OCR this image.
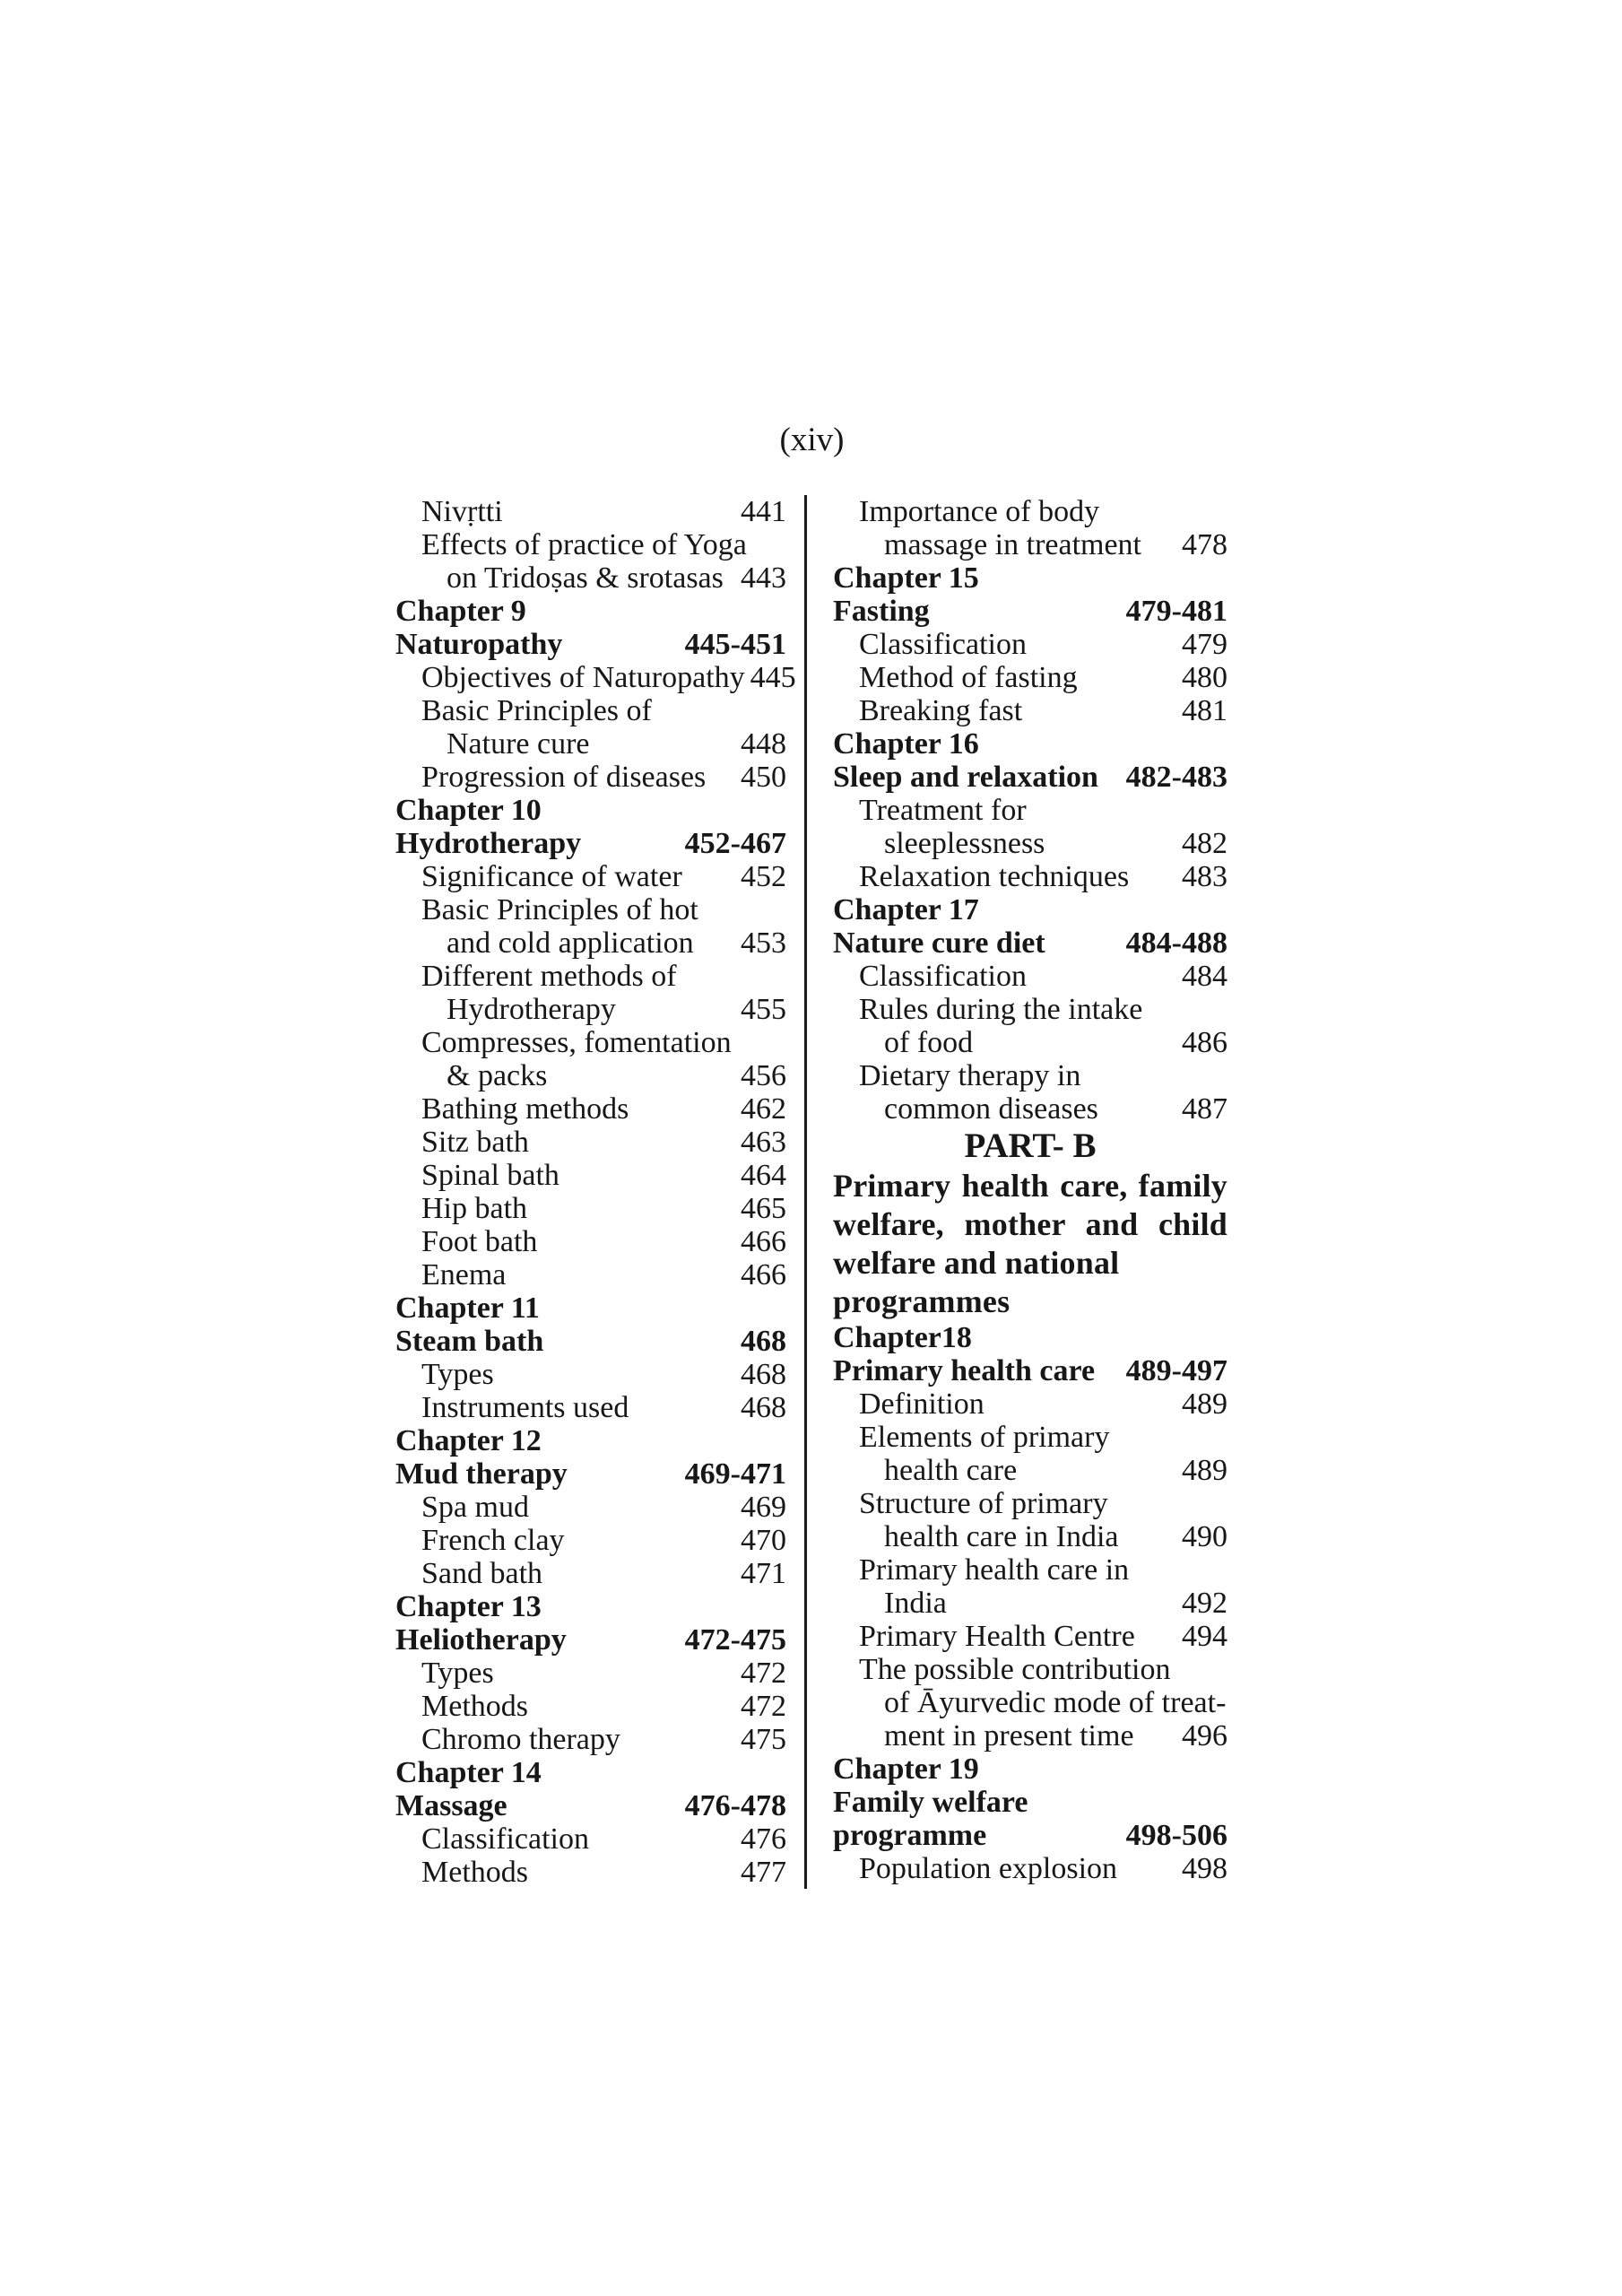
(xiv)
Nivṛtti	441
Effects of practice of Yoga
on Tridoṣas & srotasas 443
Chapter 9
Naturopathy	445-451
Objectives of Naturopathy 445
Basic Principles of
Nature cure	448
Progression of diseases 450
Chapter 10
Hydrotherapy	452-467
Significance of water 452
Basic Principles of hot
and cold application 453
Different methods of
Hydrotherapy	455
Compresses, fomentation
& packs	456
Bathing methods	462
Sitz bath	463
Spinal bath	464
Hip bath	465
Foot bath	466
Enema	466
Chapter 11
Steam bath	468
Types	468
Instruments used	468
Chapter 12
Mud therapy	469-471
Spa mud	469
French clay	470
Sand bath	471
Chapter 13
Heliotherapy	472-475
Types	472
Methods	472
Chromo therapy	475
Chapter 14
Massage	476-478
Classification	476
Methods	477
Importance of body
massage in treatment 478
Chapter 15
Fasting	479-481
Classification	479
Method of fasting	480
Breaking fast	481
Chapter 16
Sleep and relaxation 482-483
Treatment for
sleeplessness	482
Relaxation techniques 483
Chapter 17
Nature cure diet	484-488
Classification	484
Rules during the intake
of food	486
Dietary therapy in
common diseases	487
PART- B
Primary health care, family
welfare, mother and child
welfare and national
programmes
Chapter18
Primary health care 489-497
Definition	489
Elements of primary
health care	489
Structure of primary
health care in India 490
Primary health care in
India	492
Primary Health Centre 494
The possible contribution
of Āyurvedic mode of treat-
ment in present time 496
Chapter 19
Family welfare
programme	498-506
Population explosion 498
